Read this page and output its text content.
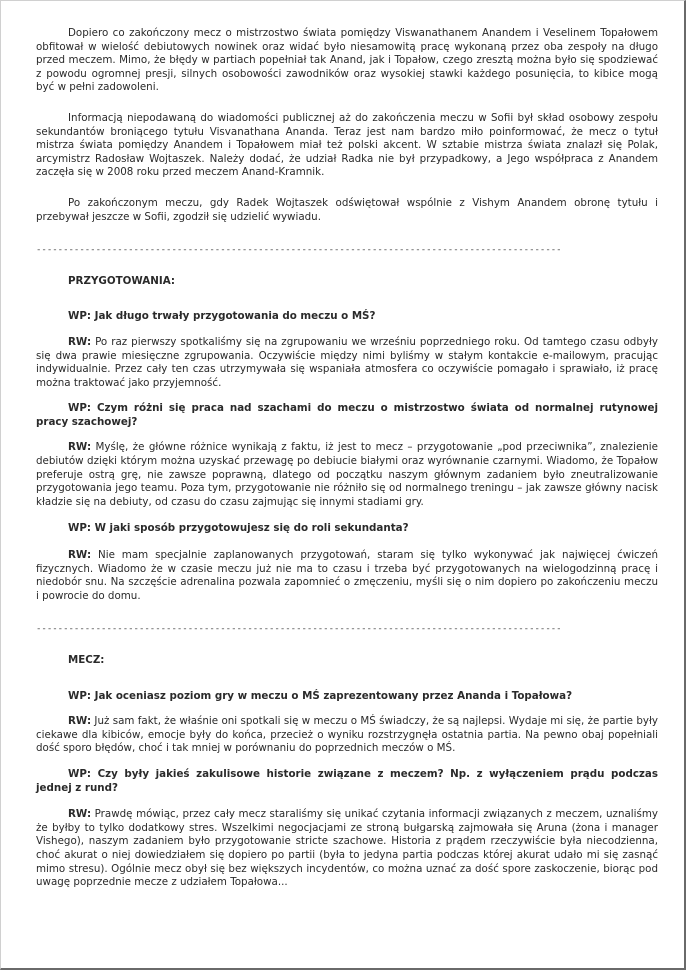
Dopiero co zakończony mecz o mistrzostwo świata pomiędzy Viswanathanem Anandem i Veselinem Topałowem obfitował w wielość debiutowych nowinek oraz widać było niesamowitą pracę wykonaną przez oba zespoły na długo przed meczem. Mimo, że błędy w partiach popełniał tak Anand, jak i Topałow, czego zresztą można było się spodziewać z powodu ogromnej presji, silnych osobowości zawodników oraz wysokiej stawki każdego posunięcia, to kibice mogą być w pełni zadowoleni.

Informacją niepodawaną do wiadomości publicznej aż do zakończenia meczu w Sofii był skład osobowy zespołu sekundantów broniącego tytułu Visvanathana Ananda. Teraz jest nam bardzo miło poinformować, że mecz o tytuł mistrza świata pomiędzy Anandem i Topałowem miał też polski akcent. W sztabie mistrza świata znalazł się Polak, arcymistrz Radosław Wojtaszek. Należy dodać, że udział Radka nie był przypadkowy, a Jego współpraca z Anandem zaczęła się w 2008 roku przed meczem Anand-Kramnik.

Po zakończonym meczu, gdy Radek Wojtaszek odświętował wspólnie z Vishym Anandem obronę tytułu i przebywał jeszcze w Sofii, zgodził się udzielić wywiadu.

-------------------------------------------------------------------------------------------------

PRZYGOTOWANIA:

WP: Jak długo trwały przygotowania do meczu o MŚ?

RW: Po raz pierwszy spotkaliśmy się na zgrupowaniu we wrześniu poprzedniego roku. Od tamtego czasu odbyły się dwa prawie miesięczne zgrupowania. Oczywiście między nimi byliśmy w stałym kontakcie e-mailowym, pracując indywidualnie. Przez cały ten czas utrzymywała się wspaniała atmosfera co oczywiście pomagało i sprawiało, iż pracę można traktować jako przyjemność.

WP: Czym różni się praca nad szachami do meczu o mistrzostwo świata od normalnej rutynowej pracy szachowej?

RW: Myślę, że główne różnice wynikają z faktu, iż jest to mecz – przygotowanie „pod przeciwnika”, znalezienie debiutów dzięki którym można uzyskać przewagę po debiucie białymi oraz wyrównanie czarnymi. Wiadomo, że Topałow preferuje ostrą grę, nie zawsze poprawną, dlatego od początku naszym głównym zadaniem było zneutralizowanie przygotowania jego teamu. Poza tym, przygotowanie nie różniło się od normalnego treningu – jak zawsze główny nacisk kładzie się na debiuty, od czasu do czasu zajmując się innymi stadiami gry.

WP: W jaki sposób przygotowujesz się do roli sekundanta?

RW: Nie mam specjalnie zaplanowanych przygotowań, staram się tylko wykonywać jak najwięcej ćwiczeń fizycznych. Wiadomo że w czasie meczu już nie ma to czasu i trzeba być przygotowanych na wielogodzinną pracę i niedobór snu. Na szczęście adrenalina pozwala zapomnieć o zmęczeniu, myśli się o nim dopiero po zakończeniu meczu i powrocie do domu.

-------------------------------------------------------------------------------------------------

MECZ:

WP: Jak oceniasz poziom gry w meczu o MŚ zaprezentowany przez Ananda i Topałowa?

RW: Już sam fakt, że właśnie oni spotkali się w meczu o MŚ świadczy, że są najlepsi. Wydaje mi się, że partie były ciekawe dla kibiców, emocje były do końca, przecież o wyniku rozstrzygnęła ostatnia partia. Na pewno obaj popełniali dość sporo błędów, choć i tak mniej w porównaniu do poprzednich meczów o MŚ.

WP: Czy były jakieś zakulisowe historie związane z meczem? Np. z wyłączeniem prądu podczas jednej z rund?

RW: Prawdę mówiąc, przez cały mecz staraliśmy się unikać czytania informacji związanych z meczem, uznaliśmy że byłby to tylko dodatkowy stres. Wszelkimi negocjacjami ze stroną bułgarską zajmowała się Aruna (żona i manager Vishego), naszym zadaniem było przygotowanie stricte szachowe. Historia z prądem rzeczywiście była niecodzienna, choć akurat o niej dowiedziałem się dopiero po partii (była to jedyna partia podczas której akurat udało mi się zasnąć mimo stresu). Ogólnie mecz obył się bez większych incydentów, co można uznać za dość spore zaskoczenie, biorąc pod uwagę poprzednie mecze z udziałem Topałowa...
